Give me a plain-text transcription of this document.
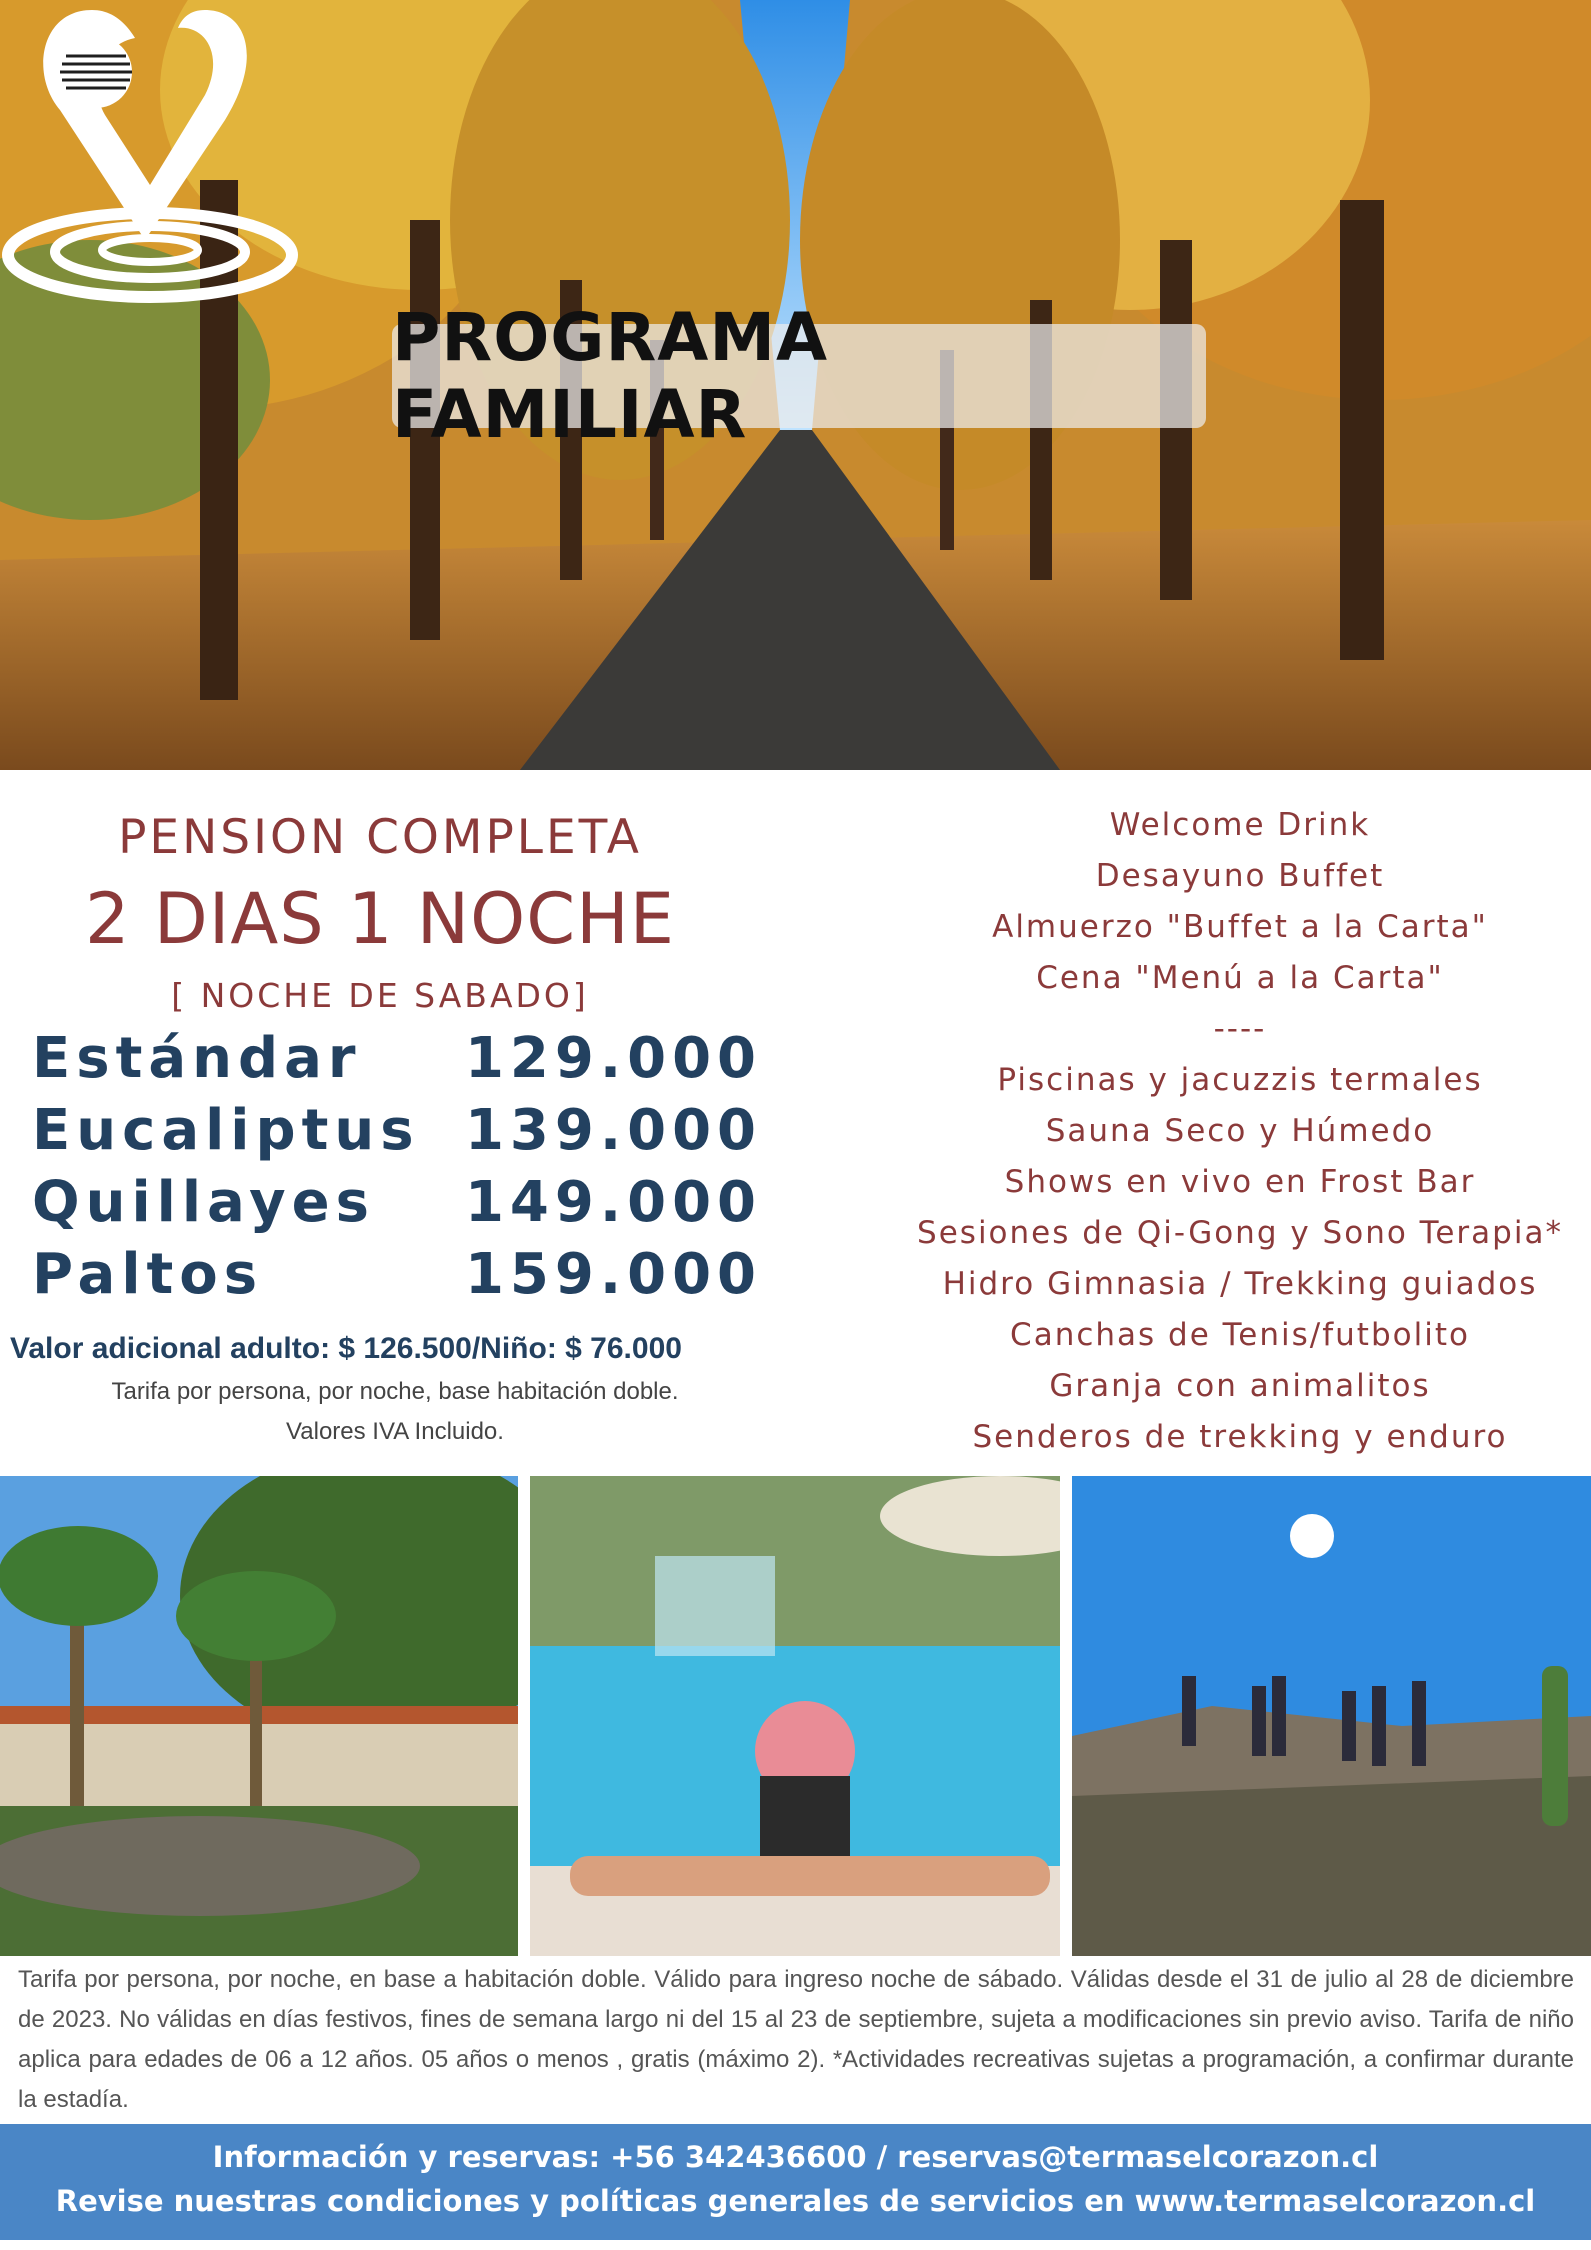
PROGRAMA FAMILIAR
PENSION COMPLETA
2 DIAS 1 NOCHE
[ NOCHE DE SABADO]
Estándar	129.000
Eucaliptus 139.000
Quillayes	149.000
Paltos	159.000
Valor adicional adulto: $ 126.500/Niño: $ 76.000
Tarifa por persona, por noche, base habitación doble.
Valores IVA Incluido.
Welcome Drink
Desayuno Buffet
Almuerzo "Buffet a la Carta"
Cena "Menú a la Carta"
----
Piscinas y jacuzzis termales
Sauna Seco y Húmedo
Shows en vivo en Frost Bar
Sesiones de Qi-Gong y Sono Terapia*
Hidro Gimnasia / Trekking guiados
Canchas de Tenis/futbolito
Granja con animalitos
Senderos de trekking y enduro

Tarifa por persona, por noche, en base a habitación doble. Válido para ingreso noche de sábado. Válidas desde el 31 de julio al 28 de diciembre de 2023. No válidas en días festivos, fines de semana largo ni del 15 al 23 de septiembre, sujeta a modificaciones sin previo aviso. Tarifa de niño aplica para edades de 06 a 12 años. 05 años o menos , gratis (máximo 2). *Actividades recreativas sujetas a programación, a confirmar durante la estadía.

Información y reservas: +56 342436600 / reservas@termaselcorazon.cl
Revise nuestras condiciones y políticas generales de servicios en www.termaselcorazon.cl
